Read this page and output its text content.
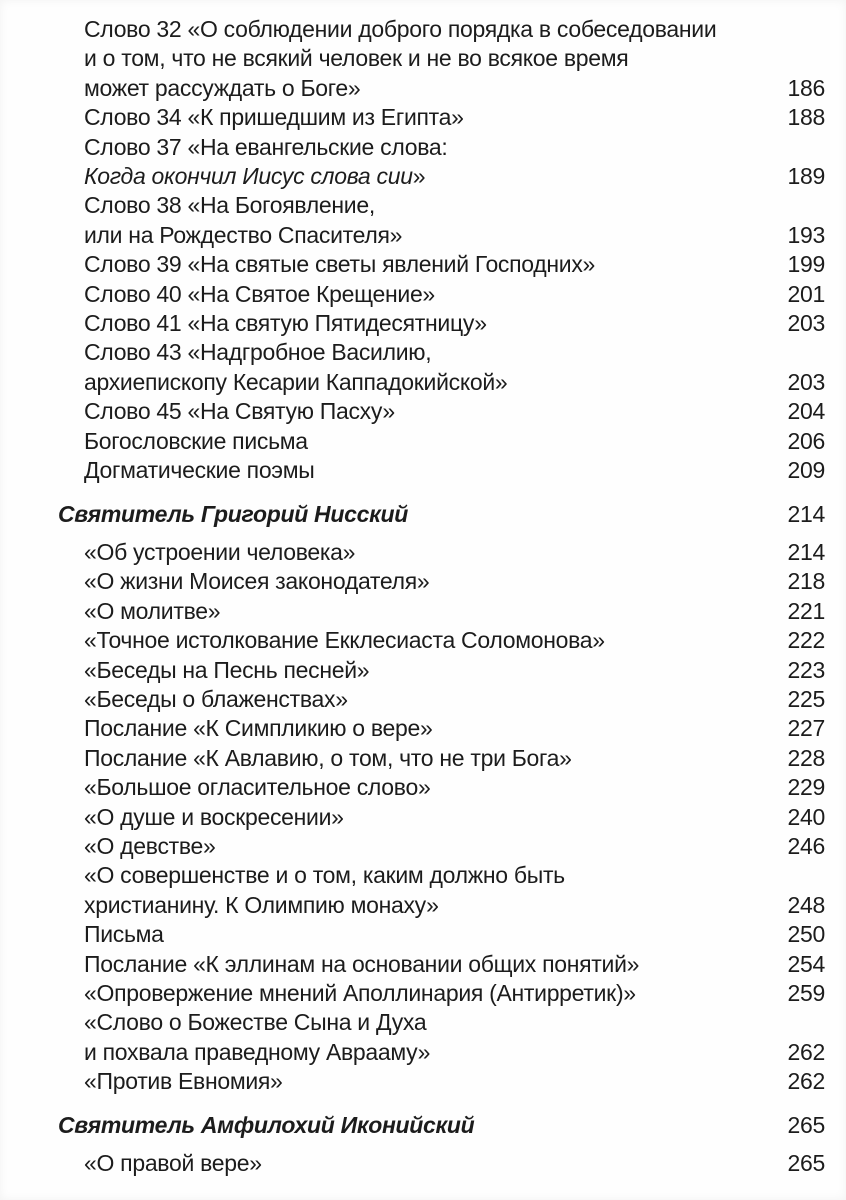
Слово 32 «О соблюдении доброго порядка в собеседовании
и о том, что не всякий человек и не во всякое время
может рассуждать о Боге»	186
Слово 34 «К пришедшим из Египта»	188
Слово 37 «На евангельские слова:
Когда окончил Иисус слова сии»	189
Слово 38 «На Богоявление,
или на Рождество Спасителя»	193
Слово 39 «На святые светы явлений Господних»	199
Слово 40 «На Святое Крещение»	201
Слово 41 «На святую Пятидесятницу»	203
Слово 43 «Надгробное Василию,
архиепископу Кесарии Каппадокийской»	203
Слово 45 «На Святую Пасху»	204
Богословские письма	206
Догматические поэмы	209
Святитель Григорий Нисский	214
«Об устроении человека»	214
«О жизни Моисея законодателя»	218
«О молитве»	221
«Точное истолкование Екклесиаста Соломонова»	222
«Беседы на Песнь песней»	223
«Беседы о блаженствах»	225
Послание «К Симпликию о вере»	227
Послание «К Авлавию, о том, что не три Бога»	228
«Большое огласительное слово»	229
«О душе и воскресении»	240
«О девстве»	246
«О совершенстве и о том, каким должно быть
христианину. К Олимпию монаху»	248
Письма	250
Послание «К эллинам на основании общих понятий»	254
«Опровержение мнений Аполлинария (Антирретик)»	259
«Слово о Божестве Сына и Духа
и похвала праведному Аврааму»	262
«Против Евномия»	262
Святитель Амфилохий Иконийский	265
«О правой вере»	265
